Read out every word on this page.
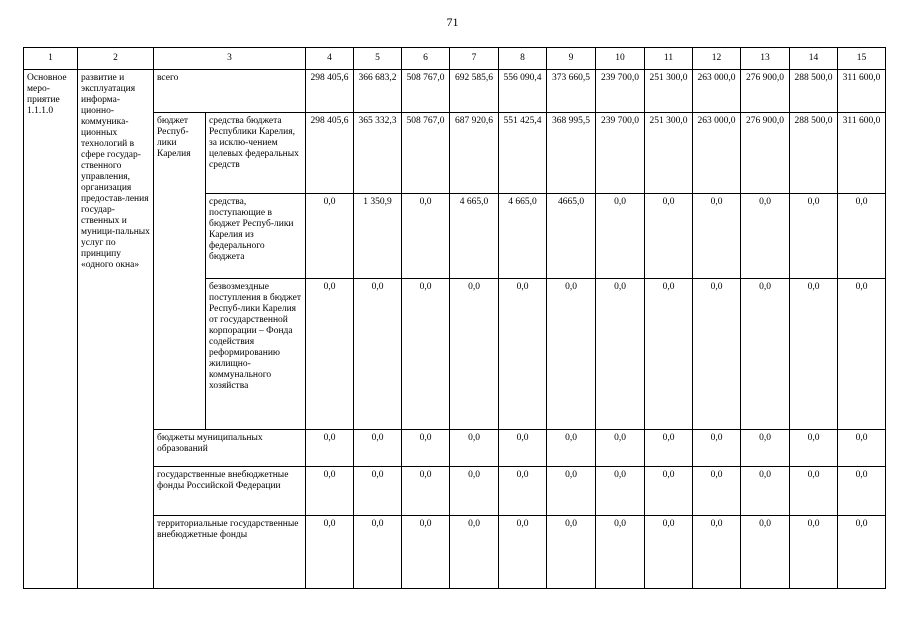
71
1	2	3		4	5	6	7	8	9	10	11	12	13	14	15
Основное меро-приятие 1.1.1.0	развитие и эксплуатация информа-ционно-коммуника-ционных технологий в сфере государ-ственного управления, организация предостав-ления государ-ственных и муници-пальных услуг по принципу «одного окна»	всего		298 405,6	366 683,2	508 767,0	692 585,6	556 090,4	373 660,5	239 700,0	251 300,0	263 000,0	276 900,0	288 500,0	311 600,0
		бюджет Респуб-лики Карелия	средства бюджета Республики Карелия, за исклю-чением целевых федеральных средств	298 405,6	365 332,3	508 767,0	687 920,6	551 425,4	368 995,5	239 700,0	251 300,0	263 000,0	276 900,0	288 500,0	311 600,0
			средства, поступающие в бюджет Респуб-лики Карелия из федерального бюджета	0,0	1 350,9	0,0	4 665,0	4 665,0	4665,0	0,0	0,0	0,0	0,0	0,0	0,0
			безвозмездные поступления в бюджет Респуб-лики Карелия от государственной корпорации – Фонда содействия реформированию жилищно-коммунального хозяйства	0,0	0,0	0,0	0,0	0,0	0,0	0,0	0,0	0,0	0,0	0,0	0,0
		бюджеты муниципальных образований		0,0	0,0	0,0	0,0	0,0	0,0	0,0	0,0	0,0	0,0	0,0	0,0
		государственные внебюджетные фонды Российской Федерации		0,0	0,0	0,0	0,0	0,0	0,0	0,0	0,0	0,0	0,0	0,0	0,0
		территориальные государственные внебюджетные фонды		0,0	0,0	0,0	0,0	0,0	0,0	0,0	0,0	0,0	0,0	0,0	0,0
